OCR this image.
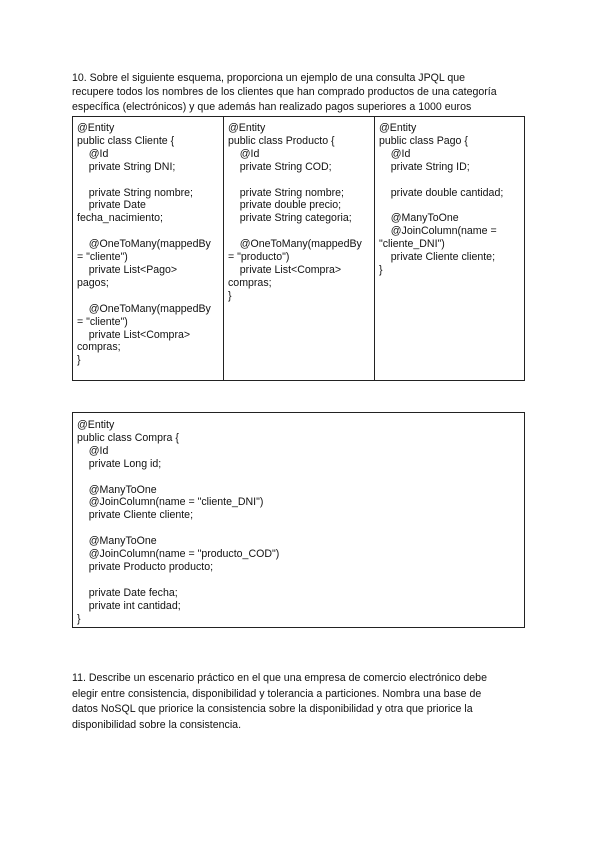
10. Sobre el siguiente esquema, proporciona un ejemplo de una consulta JPQL que

recupere todos los nombres de los clientes que han comprado productos de una categoría

específica (electrónicos) y que además han realizado pagos superiores a 1000 euros

@Entity
public class Cliente {
@Id
private String DNI;

private String nombre;
private Date
fecha_nacimiento;

@OneToMany(mappedBy
= "cliente")
private List<Pago>
pagos;

@OneToMany(mappedBy
= "cliente")
private List<Compra>
compras;
}
@Entity
public class Producto {
@Id
private String COD;

private String nombre;
private double precio;
private String categoria;

@OneToMany(mappedBy
= "producto")
private List<Compra>
compras;
}
@Entity
public class Pago {
@Id
private String ID;

private double cantidad;

@ManyToOne
@JoinColumn(name =
"cliente_DNI")
private Cliente cliente;
}
@Entity
public class Compra {
@Id
private Long id;

@ManyToOne
@JoinColumn(name = "cliente_DNI")
private Cliente cliente;

@ManyToOne
@JoinColumn(name = "producto_COD")
private Producto producto;

private Date fecha;
private int cantidad;
}

11. Describe un escenario práctico en el que una empresa de comercio electrónico debe

elegir entre consistencia, disponibilidad y tolerancia a particiones. Nombra una base de

datos NoSQL que priorice la consistencia sobre la disponibilidad y otra que priorice la

disponibilidad sobre la consistencia.
